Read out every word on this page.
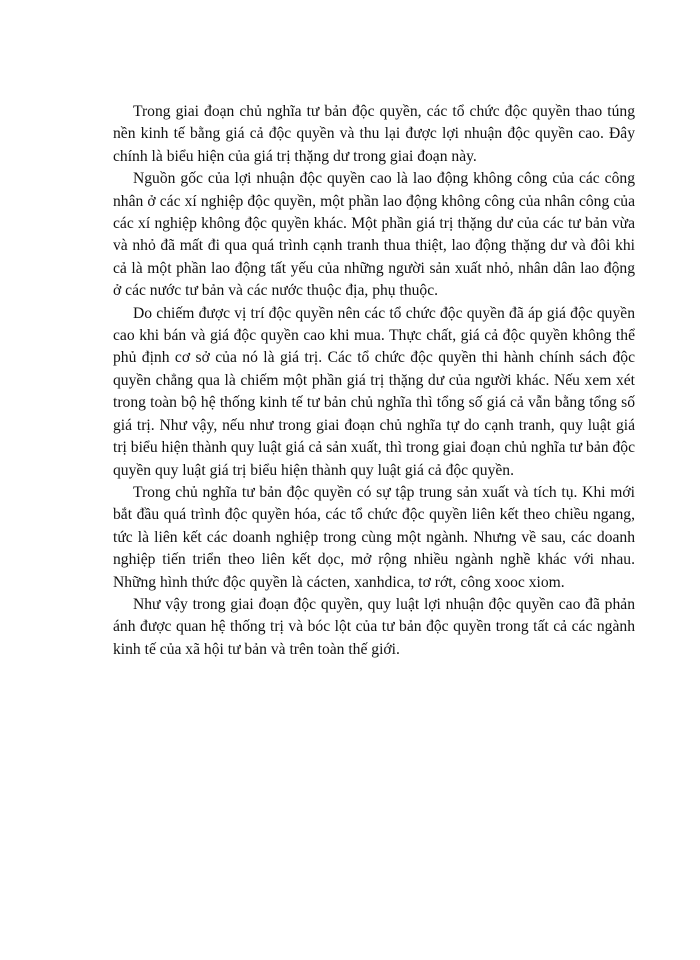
Trong giai đoạn chủ nghĩa tư bản độc quyền, các tổ chức độc quyền thao túng nền kinh tế bằng giá cả độc quyền và thu lại được lợi nhuận độc quyền cao. Đây chính là biểu hiện của giá trị thặng dư trong giai đoạn này.

Nguồn gốc của lợi nhuận độc quyền cao là lao động không công của các công nhân ở các xí nghiệp độc quyền, một phần lao động không công của nhân công của các xí nghiệp không độc quyền khác. Một phần giá trị thặng dư của các tư bản vừa và nhỏ đã mất đi qua quá trình cạnh tranh thua thiệt, lao động thặng dư và đôi khi cả là một phần lao động tất yếu của những người sản xuất nhỏ, nhân dân lao động ở các nước tư bản và các nước thuộc địa, phụ thuộc.

Do chiếm được vị trí độc quyền nên các tổ chức độc quyền đã áp giá độc quyền cao khi bán và giá độc quyền cao khi mua. Thực chất, giá cả độc quyền không thể phủ định cơ sở của nó là giá trị. Các tổ chức độc quyền thi hành chính sách độc quyền chẳng qua là chiếm một phần giá trị thặng dư của người khác. Nếu xem xét trong toàn bộ hệ thống kinh tế tư bản chủ nghĩa thì tổng số giá cả vẫn bằng tổng số giá trị. Như vậy, nếu như trong giai đoạn chủ nghĩa tự do cạnh tranh, quy luật giá trị biểu hiện thành quy luật giá cả sản xuất, thì trong giai đoạn chủ nghĩa tư bản độc quyền quy luật giá trị biểu hiện thành quy luật giá cả độc quyền.

Trong chủ nghĩa tư bản độc quyền có sự tập trung sản xuất và tích tụ. Khi mới bắt đầu quá trình độc quyền hóa, các tổ chức độc quyền liên kết theo chiều ngang, tức là liên kết các doanh nghiệp trong cùng một ngành. Nhưng về sau, các doanh nghiệp tiến triển theo liên kết dọc, mở rộng nhiều ngành nghề khác với nhau. Những hình thức độc quyền là cácten, xanhdica, tơ rớt, công xooc xiom.

Như vậy trong giai đoạn độc quyền, quy luật lợi nhuận độc quyền cao đã phản ánh được quan hệ thống trị và bóc lột của tư bản độc quyền trong tất cả các ngành kinh tế của xã hội tư bản và trên toàn thế giới.
